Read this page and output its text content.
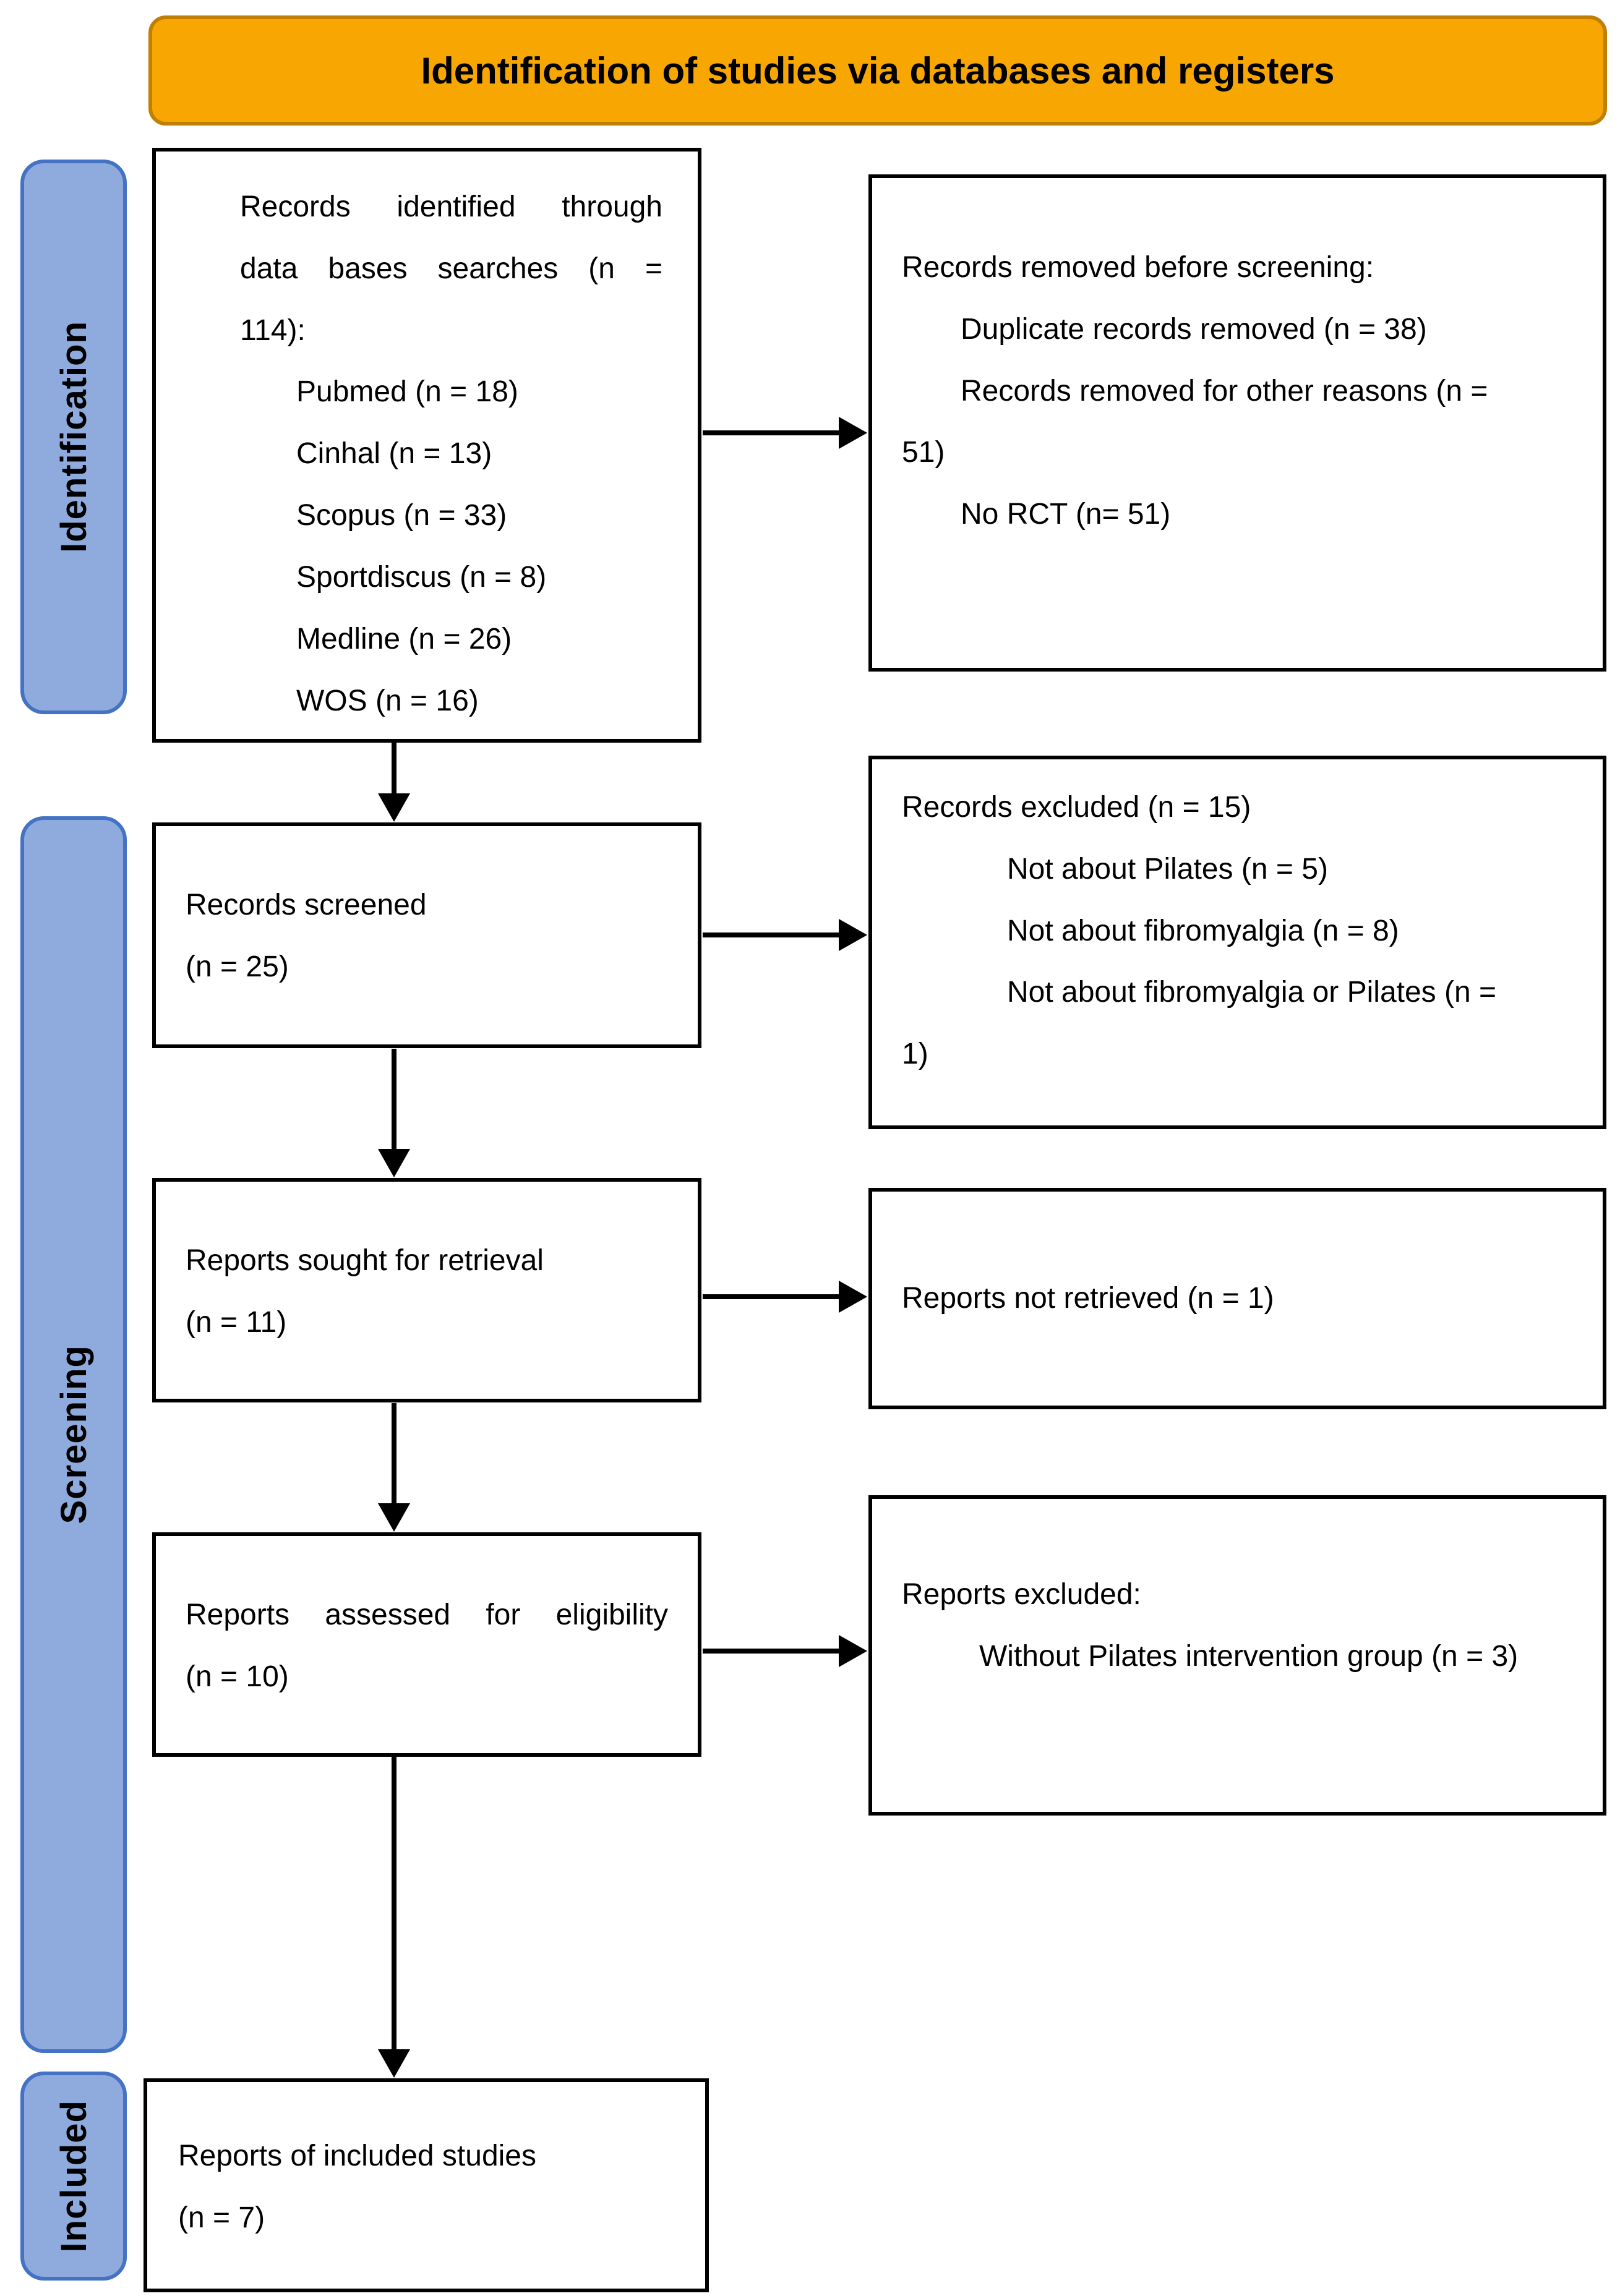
Identification of studies via databases and registers
Identification
Screening
Included
Records identified through
data bases searches (n =
114):
Pubmed (n = 18)
Cinhal (n = 13)
Scopus (n = 33)
Sportdiscus (n = 8)
Medline (n = 26)
WOS (n = 16)
Records screened
(n = 25)
Reports sought for retrieval
(n = 11)
Reports assessed for eligibility
(n = 10)
Reports of included studies
(n = 7)
Records removed before screening:
Duplicate records removed (n = 38)
Records removed for other reasons (n =
51)
No RCT (n= 51)
Records excluded (n = 15)
Not about Pilates (n = 5)
Not about fibromyalgia (n = 8)
Not about fibromyalgia or Pilates (n =
1)
Reports not retrieved (n = 1)
Reports excluded:
Without Pilates intervention group (n = 3)
